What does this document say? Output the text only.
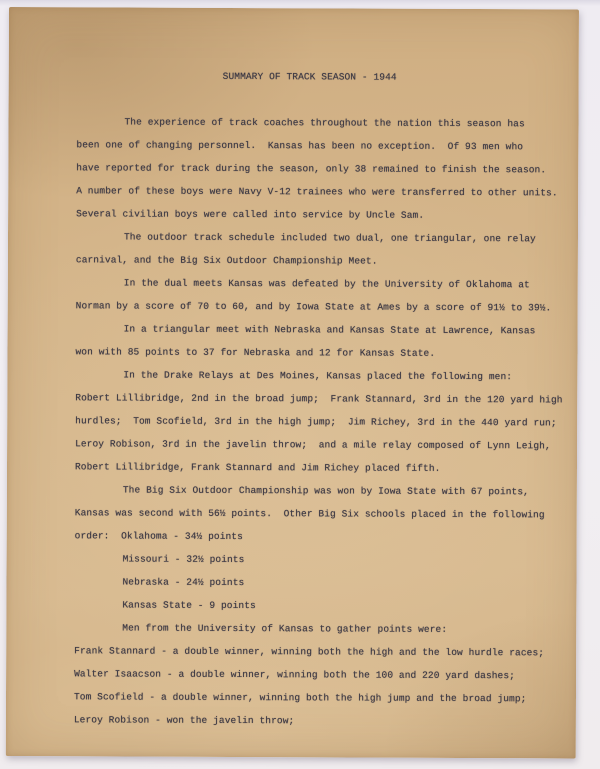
SUMMARY OF TRACK SEASON - 1944
The experience of track coaches throughout the nation this season has
been one of changing personnel.  Kansas has been no exception.  Of 93 men who
have reported for track during the season, only 38 remained to finish the season.
A number of these boys were Navy V-12 trainees who were transferred to other units.
Several civilian boys were called into service by Uncle Sam.
The outdoor track schedule included two dual, one triangular, one relay
carnival, and the Big Six Outdoor Championship Meet.
In the dual meets Kansas was defeated by the University of Oklahoma at
Norman by a score of 70 to 60, and by Iowa State at Ames by a score of 91½ to 39½.
In a triangular meet with Nebraska and Kansas State at Lawrence, Kansas
won with 85 points to 37 for Nebraska and 12 for Kansas State.
In the Drake Relays at Des Moines, Kansas placed the following men:
Robert Lillibridge, 2nd in the broad jump;  Frank Stannard, 3rd in the 120 yard high
hurdles;  Tom Scofield, 3rd in the high jump;  Jim Richey, 3rd in the 440 yard run;
Leroy Robison, 3rd in the javelin throw;  and a mile relay composed of Lynn Leigh,
Robert Lillibridge, Frank Stannard and Jim Richey placed fifth.
The Big Six Outdoor Championship was won by Iowa State with 67 points,
Kansas was second with 56½ points.  Other Big Six schools placed in the following
order:  Oklahoma - 34½ points
Missouri - 32½ points
Nebraska - 24½ points
Kansas State - 9 points
Men from the University of Kansas to gather points were:
Frank Stannard - a double winner, winning both the high and the low hurdle races;
Walter Isaacson - a double winner, winning both the 100 and 220 yard dashes;
Tom Scofield - a double winner, winning both the high jump and the broad jump;
Leroy Robison - won the javelin throw;
